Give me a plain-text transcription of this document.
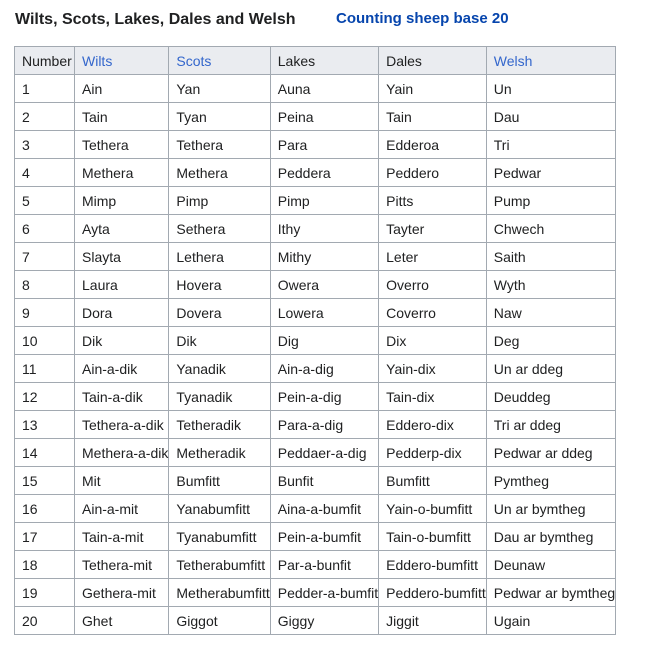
Wilts, Scots, Lakes, Dales and Welsh	Counting sheep base 20
Number	Wilts	Scots	Lakes	Dales	Welsh
1	Ain	Yan	Auna	Yain	Un
2	Tain	Tyan	Peina	Tain	Dau
3	Tethera	Tethera	Para	Edderoa	Tri
4	Methera	Methera	Peddera	Peddero	Pedwar
5	Mimp	Pimp	Pimp	Pitts	Pump
6	Ayta	Sethera	Ithy	Tayter	Chwech
7	Slayta	Lethera	Mithy	Leter	Saith
8	Laura	Hovera	Owera	Overro	Wyth
9	Dora	Dovera	Lowera	Coverro	Naw
10	Dik	Dik	Dig	Dix	Deg
11	Ain-a-dik	Yanadik	Ain-a-dig	Yain-dix	Un ar ddeg
12	Tain-a-dik	Tyanadik	Pein-a-dig	Tain-dix	Deuddeg
13	Tethera-a-dik	Tetheradik	Para-a-dig	Eddero-dix	Tri ar ddeg
14	Methera-a-dik	Metheradik	Peddaer-a-dig	Pedderp-dix	Pedwar ar ddeg
15	Mit	Bumfitt	Bunfit	Bumfitt	Pymtheg
16	Ain-a-mit	Yanabumfitt	Aina-a-bumfit	Yain-o-bumfitt	Un ar bymtheg
17	Tain-a-mit	Tyanabumfitt	Pein-a-bumfit	Tain-o-bumfitt	Dau ar bymtheg
18	Tethera-mit	Tetherabumfitt	Par-a-bunfit	Eddero-bumfitt	Deunaw
19	Gethera-mit	Metherabumfitt	Pedder-a-bumfit	Peddero-bumfitt	Pedwar ar bymtheg
20	Ghet	Giggot	Giggy	Jiggit	Ugain
